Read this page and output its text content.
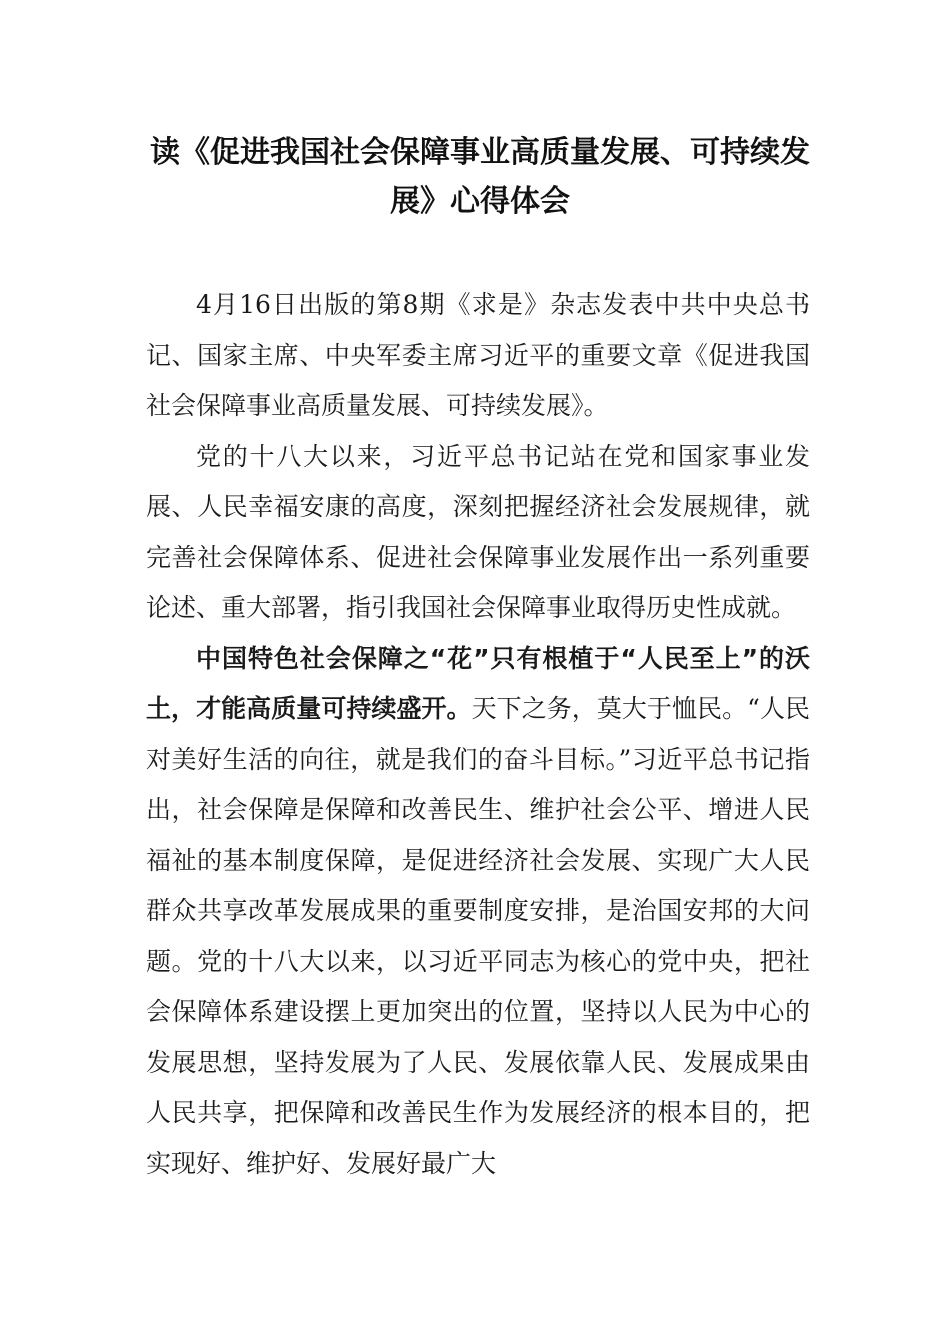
读《促进我国社会保障事业高质量发展、可持续发展》心得体会

4月16日出版的第8期《求是》杂志发表中共中央总书记、国家主席、中央军委主席习近平的重要文章《促进我国社会保障事业高质量发展、可持续发展》。

党的十八大以来，习近平总书记站在党和国家事业发展、人民幸福安康的高度，深刻把握经济社会发展规律，就完善社会保障体系、促进社会保障事业发展作出一系列重要论述、重大部署，指引我国社会保障事业取得历史性成就。

中国特色社会保障之“花”只有根植于“人民至上”的沃土，才能高质量可持续盛开。天下之务，莫大于恤民。“人民对美好生活的向往，就是我们的奋斗目标。”习近平总书记指出，社会保障是保障和改善民生、维护社会公平、增进人民福祉的基本制度保障，是促进经济社会发展、实现广大人民群众共享改革发展成果的重要制度安排，是治国安邦的大问题。党的十八大以来，以习近平同志为核心的党中央，把社会保障体系建设摆上更加突出的位置，坚持以人民为中心的发展思想，坚持发展为了人民、发展依靠人民、发展成果由人民共享，把保障和改善民生作为发展经济的根本目的，把实现好、维护好、发展好最广大
